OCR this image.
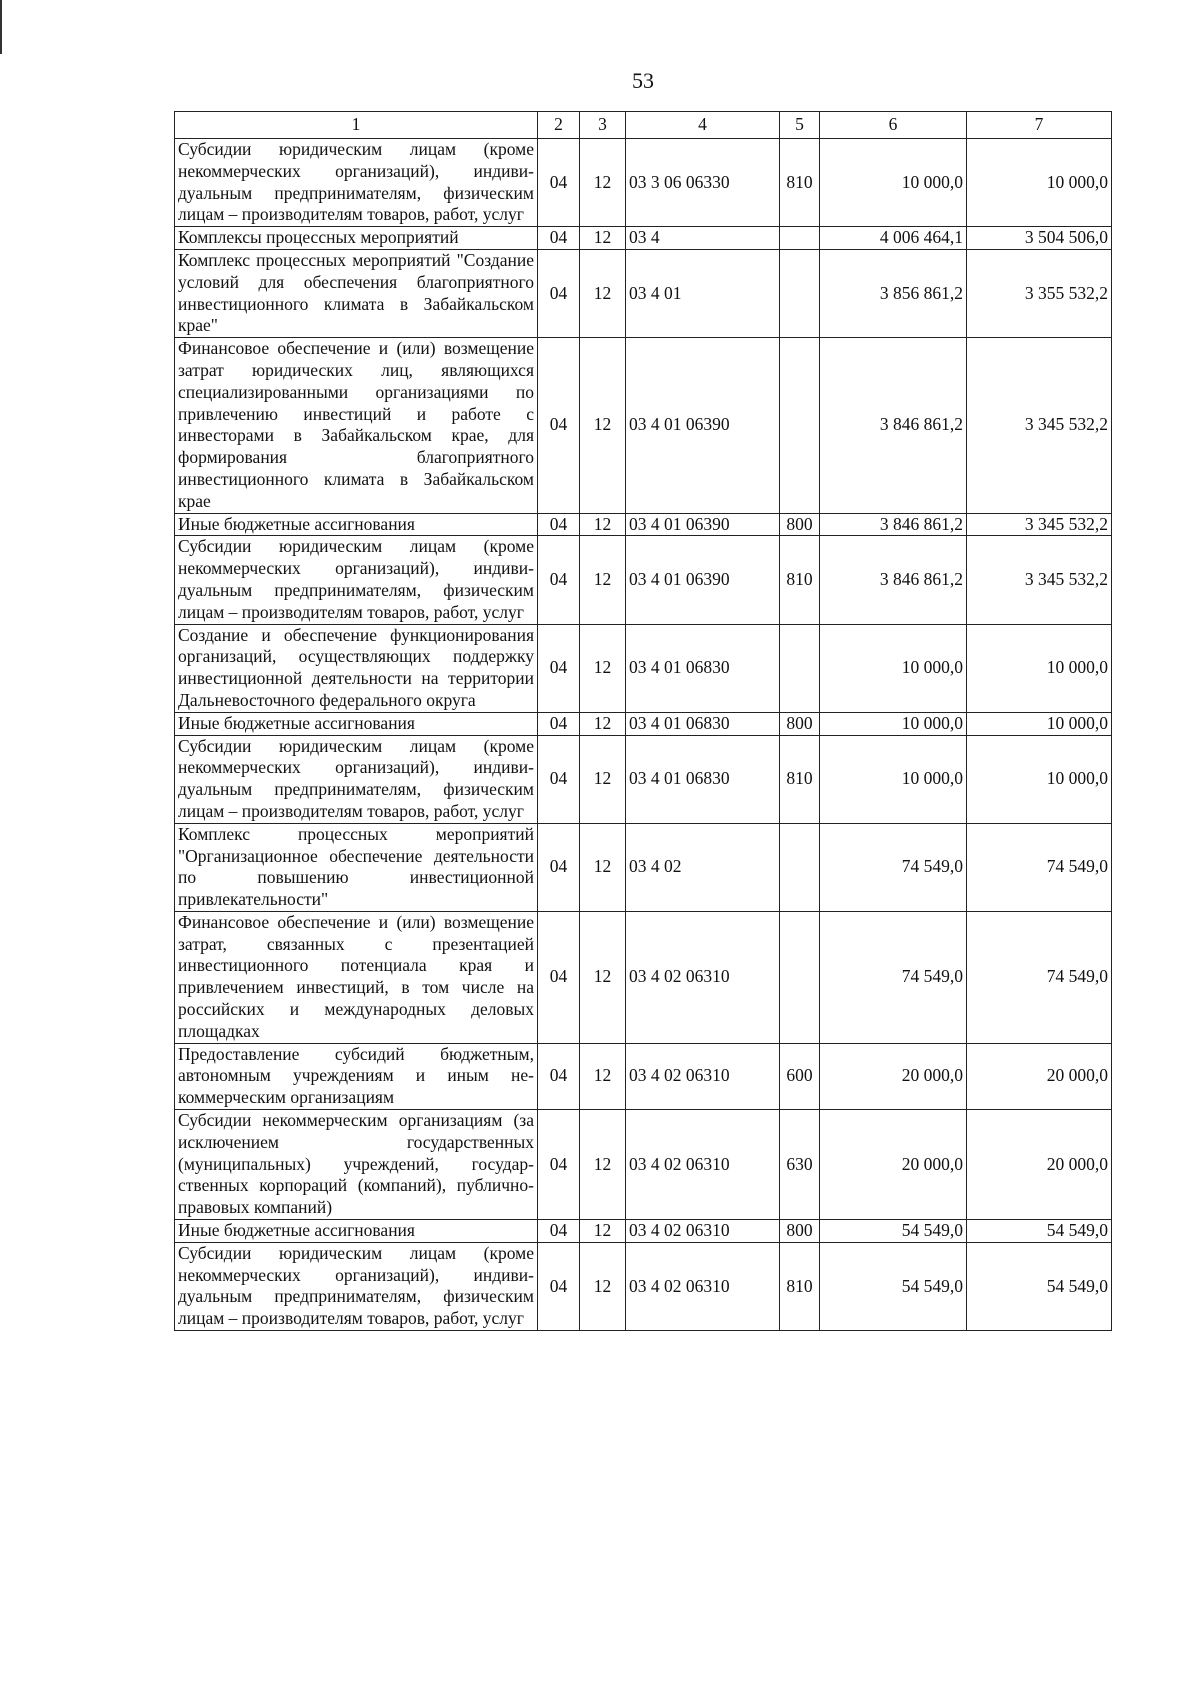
53
1	2	3	4	5	6	7
Субсидии юридическим лицам (кроме некоммерческих организаций), индивидуальным предпринимателям, физическим лицам – производителям товаров, работ, услуг	04	12	03 3 06 06330	810	10 000,0	10 000,0
Комплексы процессных мероприятий	04	12	03 4		4 006 464,1	3 504 506,0
Комплекс процессных мероприятий "Создание условий для обеспечения благоприятного инвестиционного климата в Забайкальском крае"	04	12	03 4 01		3 856 861,2	3 355 532,2
Финансовое обеспечение и (или) возмещение затрат юридических лиц, являющихся специализированными организациями по привлечению инвестиций и работе с инвесторами в Забайкальском крае, для формирования благоприятного инвестиционного климата в Забайкальском крае	04	12	03 4 01 06390		3 846 861,2	3 345 532,2
Иные бюджетные ассигнования	04	12	03 4 01 06390	800	3 846 861,2	3 345 532,2
Субсидии юридическим лицам (кроме некоммерческих организаций), индивидуальным предпринимателям, физическим лицам – производителям товаров, работ, услуг	04	12	03 4 01 06390	810	3 846 861,2	3 345 532,2
Создание и обеспечение функционирования организаций, осуществляющих поддержку инвестиционной деятельности на территории Дальневосточного федерального округа	04	12	03 4 01 06830		10 000,0	10 000,0
Иные бюджетные ассигнования	04	12	03 4 01 06830	800	10 000,0	10 000,0
Субсидии юридическим лицам (кроме некоммерческих организаций), индивидуальным предпринимателям, физическим лицам – производителям товаров, работ, услуг	04	12	03 4 01 06830	810	10 000,0	10 000,0
Комплекс процессных мероприятий "Организационное обеспечение деятельности по повышению инвестиционной привлекательности"	04	12	03 4 02		74 549,0	74 549,0
Финансовое обеспечение и (или) возмещение затрат, связанных с презентацией инвестиционного потенциала края и привлечением инвестиций, в том числе на российских и международных деловых площадках	04	12	03 4 02 06310		74 549,0	74 549,0
Предоставление субсидий бюджетным, автономным учреждениям и иным некоммерческим организациям	04	12	03 4 02 06310	600	20 000,0	20 000,0
Субсидии некоммерческим организациям (за исключением государственных (муниципальных) учреждений, государственных корпораций (компаний), публично-правовых компаний)	04	12	03 4 02 06310	630	20 000,0	20 000,0
Иные бюджетные ассигнования	04	12	03 4 02 06310	800	54 549,0	54 549,0
Субсидии юридическим лицам (кроме некоммерческих организаций), индивидуальным предпринимателям, физическим лицам – производителям товаров, работ, услуг	04	12	03 4 02 06310	810	54 549,0	54 549,0
